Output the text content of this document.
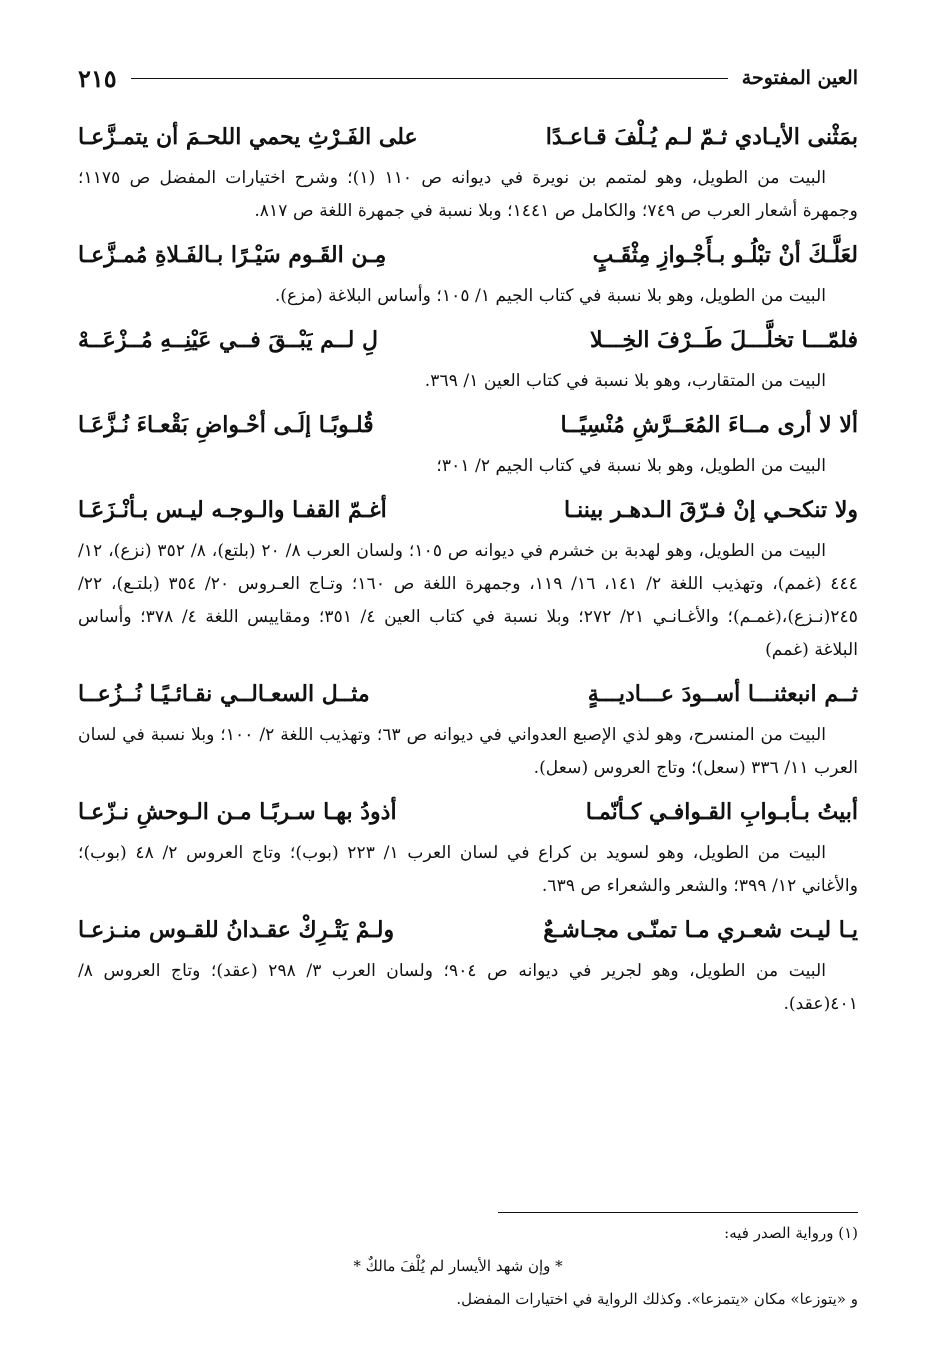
العين المفتوحة
٢١٥
بمَثْنى الأيـادي ثـمّ لـم يُـلْفَ قـاعـدًا
على الفَـرْثِ يحمي اللحـمَ أن يتمـزَّعـا

البيت من الطويل، وهو لمتمم بن نويرة في ديوانه ص ١١٠ (١)؛ وشرح اختيارات المفضل ص ١١٧٥؛ وجمهرة أشعار العرب ص ٧٤٩؛ والكامل ص ١٤٤١؛ وبلا نسبة في جمهرة اللغة ص ٨١٧.

لعَلَّـكَ أنْ تبْلُـو بـأَجْـوازِ مِثْقَـبٍ
مِـن القَـوم سَيْـرًا بـالفَـلاةِ مُمـزَّعـا

البيت من الطويل، وهو بلا نسبة في كتاب الجيم ١/ ١٠٥؛ وأساس البلاغة (مزع).

فلمّـــا تخلَّـــلَ طَــرْفَ الخِـــلا
لِ لــم يَبْــقَ فــي عَيْنِــهِ مُــزْعَــهْ

البيت من المتقارب، وهو بلا نسبة في كتاب العين ١/ ٣٦٩.

ألا لا أرى مــاءَ المُعَــرَّشِ مُنْسِيًــا
قُلـوبًـا إلَـى أحْـواضِ بَقْعـاءَ نُـزَّعَـا

البيت من الطويل، وهو بلا نسبة في كتاب الجيم ٢/ ٣٠١؛

ولا تنكحـي إنْ فـرّقَ الـدهـر بيننـا
أغـمّ القفـا والـوجـه ليـس بـأنْـزَعَـا

البيت من الطويل، وهو لهدبة بن خشرم في ديوانه ص ١٠٥؛ ولسان العرب ٨/ ٢٠ (بلتع)، ٨/ ٣٥٢ (نزع)، ١٢/ ٤٤٤ (غمم)، وتهذيب اللغة ٢/ ١٤١، ١٦/ ١١٩، وجمهرة اللغة ص ١٦٠؛ وتـاج العـروس ٢٠/ ٣٥٤ (بلتـع)، ٢٢/ ٢٤٥(نـزع)،(غمـم)؛ والأغـانـي ٢١/ ٢٧٢؛ وبلا نسبة في كتاب العين ٤/ ٣٥١؛ ومقاييس اللغة ٤/ ٣٧٨؛ وأساس البلاغة (غمم)

ثــم انبعثنـــا أســودَ عـــاديـــةٍ
مثــل السعـالــي نقـائـيًـا نُــزُعــا

البيت من المنسرح، وهو لذي الإصبع العدواني في ديوانه ص ٦٣؛ وتهذيب اللغة ٢/ ١٠٠؛ وبلا نسبة في لسان العرب ١١/ ٣٣٦ (سعل)؛ وتاج العروس (سعل).

أبيتُ بـأبـوابِ القـوافـي كـأنّمـا
أذودُ بهـا سـربًـا مـن الـوحشِ نـزّعـا

البيت من الطويل، وهو لسويد بن كراع في لسان العرب ١/ ٢٢٣ (بوب)؛ وتاج العروس ٢/ ٤٨ (بوب)؛ والأغاني ١٢/ ٣٩٩؛ والشعر والشعراء ص ٦٣٩.

يـا ليـت شعـري مـا تمنّـى مجـاشـعٌ
ولـمْ يَتْـرِكْ عقـدانُ للقـوس منـزعـا

البيت من الطويل، وهو لجرير في ديوانه ص ٩٠٤؛ ولسان العرب ٣/ ٢٩٨ (عقد)؛ وتاج العروس ٨/ ٤٠١(عقد).

(١) ورواية الصدر فيه:
* وإن شهد الأيسار لم يُلْفَ مالكٌ *
و «يتوزعا» مكان «يتمزعا». وكذلك الرواية في اختيارات المفضل.
